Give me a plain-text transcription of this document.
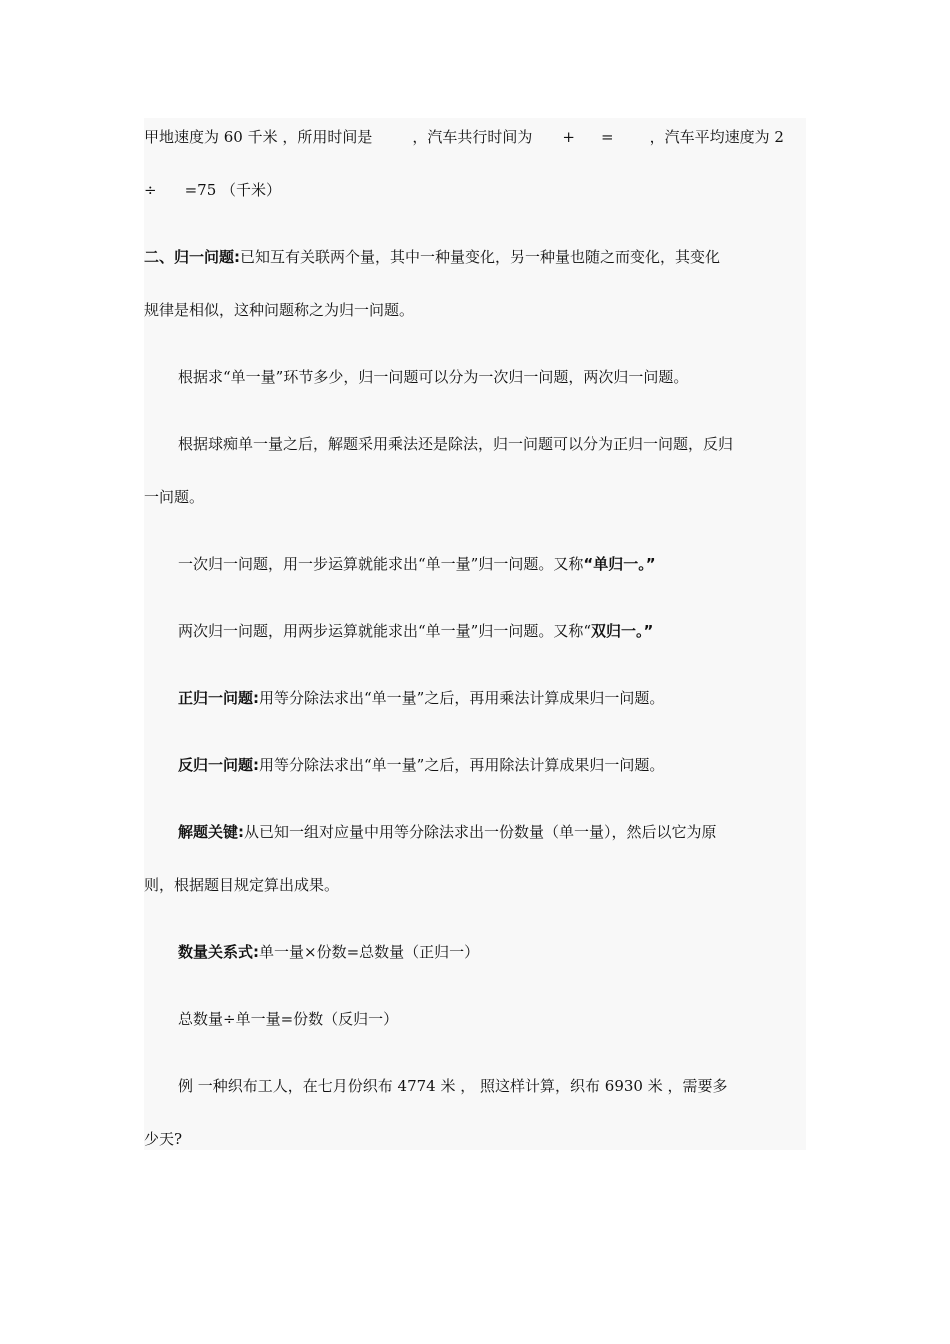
甲地速度为 60 千米 ，所用时间是	，汽车共行时间为 + = ，汽车平均速度为 2
÷ =75 （千米）
二、归一问题:已知互有关联两个量，其中一种量变化，另一种量也随之而变化，其变化
规律是相似，这种问题称之为归一问题。
根据求“单一量”环节多少，归一问题可以分为一次归一问题，两次归一问题。
根据球痴单一量之后，解题采用乘法还是除法，归一问题可以分为正归一问题，反归
一问题。
一次归一问题，用一步运算就能求出“单一量”归一问题。又称“单归一。”
两次归一问题，用两步运算就能求出“单一量”归一问题。又称“双归一。”
正归一问题:用等分除法求出“单一量”之后，再用乘法计算成果归一问题。
反归一问题:用等分除法求出“单一量”之后，再用除法计算成果归一问题。
解题关键:从已知一组对应量中用等分除法求出一份数量（单一量），然后以它为原
则，根据题目规定算出成果。
数量关系式:单一量×份数=总数量（正归一）
总数量÷单一量=份数（反归一）
例 一种织布工人，在七月份织布 4774 米 ， 照这样计算，织布 6930 米 ，需要多
少天?
